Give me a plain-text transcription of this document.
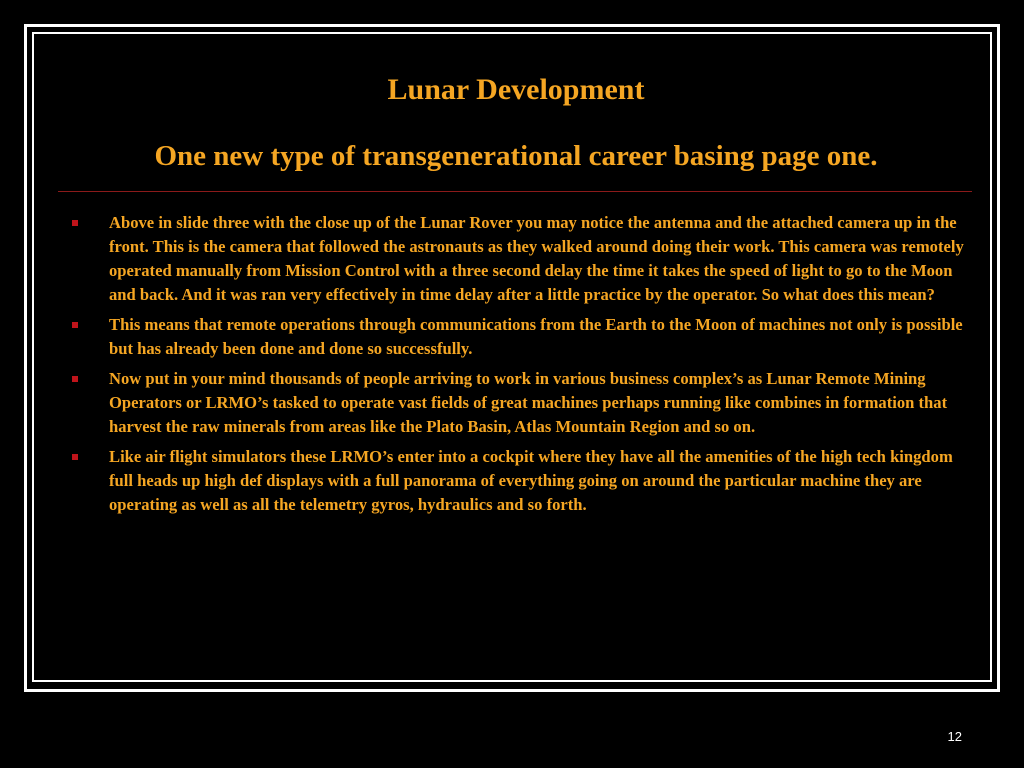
Lunar Development
One new type of transgenerational career basing page one.
Above in slide three with the close up of the Lunar Rover you may notice the antenna and the attached camera up in the front. This is the camera that followed the astronauts as they walked around doing their work. This camera was remotely operated manually from Mission Control with a three second delay the time it takes the speed of light to go to the Moon and back. And it was ran very effectively in time delay after a little practice by the operator. So what does this mean?
This means that remote operations through communications from the Earth to the Moon of machines not only is possible but has already been done and done so successfully.
Now put in your mind thousands of people arriving to work in various business complex’s as Lunar Remote Mining Operators or LRMO’s tasked to operate vast fields of great machines perhaps running like combines in formation that harvest the raw minerals from areas like the Plato Basin, Atlas Mountain Region and so on.
Like air flight simulators these LRMO’s enter into a cockpit where they have all the amenities of the high tech kingdom full heads up high def displays with a full panorama of everything going on around the particular machine they are operating as well as all the telemetry gyros, hydraulics and so forth.
12
